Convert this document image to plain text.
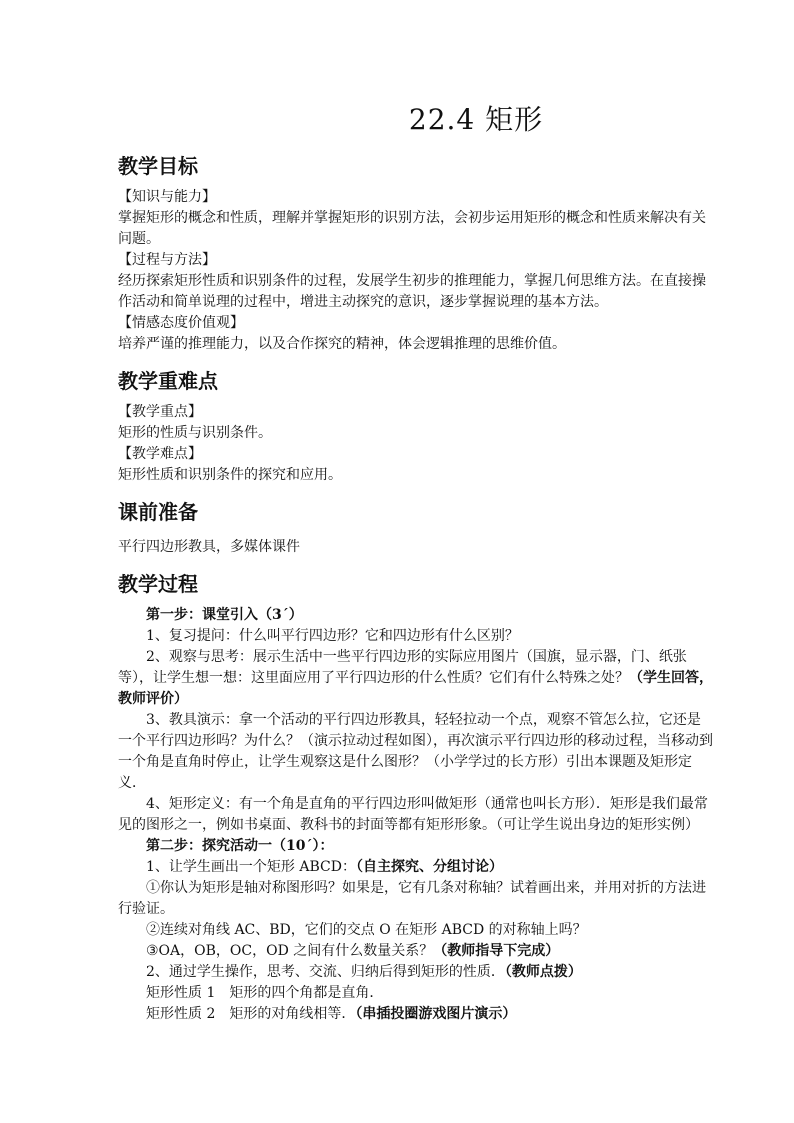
22.4 矩形
教学目标

【知识与能力】

掌握矩形的概念和性质，理解并掌握矩形的识别方法，会初步运用矩形的概念和性质来解决有关问题。

【过程与方法】

经历探索矩形性质和识别条件的过程，发展学生初步的推理能力，掌握几何思维方法。在直接操作活动和简单说理的过程中，增进主动探究的意识，逐步掌握说理的基本方法。

【情感态度价值观】

培养严谨的推理能力，以及合作探究的精神，体会逻辑推理的思维价值。

教学重难点

【教学重点】

矩形的性质与识别条件。

【教学难点】

矩形性质和识别条件的探究和应用。

课前准备

平行四边形教具，多媒体课件

教学过程

第一步：课堂引入（3ˊ）

1、复习提问：什么叫平行四边形？它和四边形有什么区别？

2、观察与思考：展示生活中一些平行四边形的实际应用图片（国旗，显示器，门、纸张等），让学生想一想：这里面应用了平行四边形的什么性质？它们有什么特殊之处？（学生回答，教师评价）

3、教具演示：拿一个活动的平行四边形教具，轻轻拉动一个点，观察不管怎么拉，它还是一个平行四边形吗？为什么？（演示拉动过程如图），再次演示平行四边形的移动过程，当移动到一个角是直角时停止，让学生观察这是什么图形？（小学学过的长方形）引出本课题及矩形定义．

4、矩形定义：有一个角是直角的平行四边形叫做矩形（通常也叫长方形）．矩形是我们最常见的图形之一，例如书桌面、教科书的封面等都有矩形形象。（可让学生说出身边的矩形实例）

第二步：探究活动一（10ˊ）：

1、让学生画出一个矩形 ABCD：（自主探究、分组讨论）

①你认为矩形是轴对称图形吗？如果是，它有几条对称轴？试着画出来，并用对折的方法进行验证。

②连续对角线 AC、BD，它们的交点 O 在矩形 ABCD 的对称轴上吗？

③OA，OB，OC，OD 之间有什么数量关系？（教师指导下完成）

2、通过学生操作，思考、交流、归纳后得到矩形的性质．（教师点拨）

矩形性质 1 矩形的四个角都是直角．

矩形性质 2 矩形的对角线相等．（串插投圈游戏图片演示）
